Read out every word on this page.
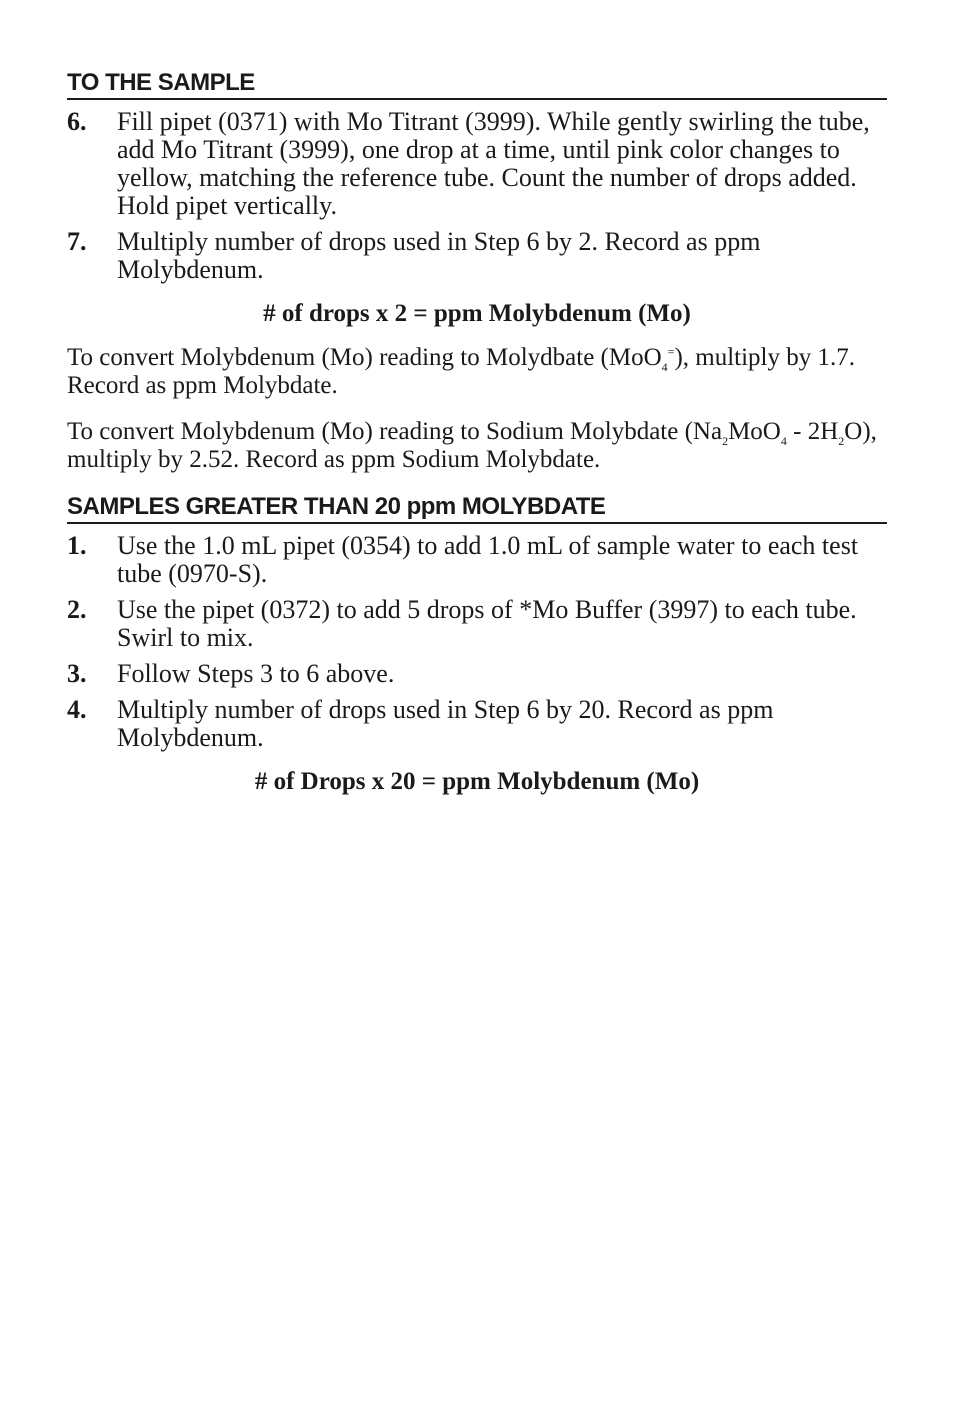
TO THE SAMPLE
6. Fill pipet (0371) with Mo Titrant (3999). While gently swirling the tube, add Mo Titrant (3999), one drop at a time, until pink color changes to yellow, matching the reference tube. Count the number of drops added. Hold pipet vertically.
7. Multiply number of drops used in Step 6 by 2. Record as ppm Molybdenum.
# of drops x 2 = ppm Molybdenum (Mo)

To convert Molybdenum (Mo) reading to Molydbate (MoO$_4$=), multiply by 1.7. Record as ppm Molybdate.

To convert Molybdenum (Mo) reading to Sodium Molybdate $(Na_2MoO_4 - 2H_2O)$, multiply by 2.52. Record as ppm Sodium Molybdate.

SAMPLES GREATER THAN 20 ppm MOLYBDATE
1. Use the 1.0 mL pipet (0354) to add 1.0 mL of sample water to each test tube (0970-S).
2. Use the pipet (0372) to add 5 drops of *Mo Buffer (3997) to each tube. Swirl to mix.
3. Follow Steps 3 to 6 above.
4. Multiply number of drops used in Step 6 by 20. Record as ppm Molybdenum.
# of Drops x 20 = ppm Molybdenum (Mo)
